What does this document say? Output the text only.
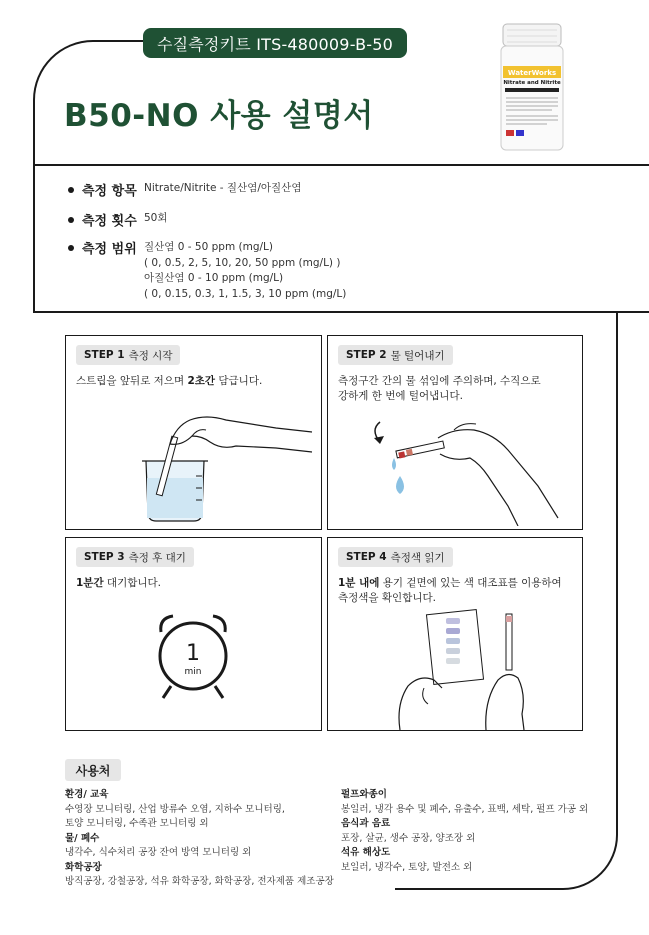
수질측정키트 ITS-480009-B-50
B50-NO 사용 설명서
WaterWorks
Nitrate and Nitrite
측정 항목 Nitrate/Nitrite - 질산염/아질산염
측정 횟수 50회
측정 범위 질산염 0 - 50 ppm (mg/L)
( 0, 0.5, 2, 5, 10, 20, 50 ppm (mg/L) )
아질산염 0 - 10 ppm (mg/L)
( 0, 0.15, 0.3, 1, 1.5, 3, 10 ppm (mg/L)
STEP 1 측정 시작
스트립을 앞뒤로 저으며 2초간 담급니다.
STEP 2 물 털어내기
측정구간 간의 물 섞임에 주의하며, 수직으로
강하게 한 번에 털어냅니다.
STEP 3 측정 후 대기
1분간 대기합니다.
1
min
STEP 4 측정색 읽기
1분 내에 용기 겉면에 있는 색 대조표를 이용하여
측정색을 확인합니다.
사용처
환경/ 교육
수영장 모니터링, 산업 방류수 오염, 지하수 모니터링,
토양 모니터링, 수족관 모니터링 외
물/ 폐수
냉각수, 식수처리 공장 잔여 방역 모니터링 외
화학공장
방직공장, 강철공장, 석유 화학공장, 화학공장, 전자제품 제조공장
펄프와종이
봉일러, 냉각 용수 및 폐수, 유출수, 표백, 세탁, 펄프 가공 외
음식과 음료
포장, 살균, 생수 공장, 양조장 외
석유 해상도
보일러, 냉각수, 토양, 발전소 외
